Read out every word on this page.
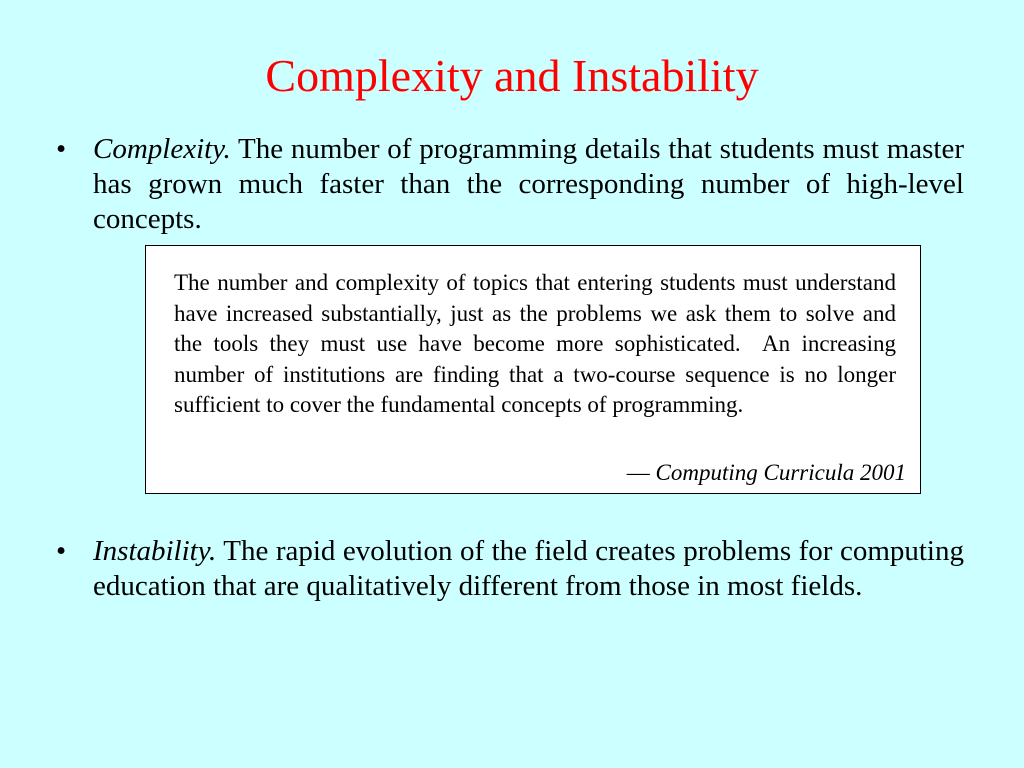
Complexity and Instability
• Complexity. The number of programming details that students must master has grown much faster than the corresponding number of high-level concepts.

The number and complexity of topics that entering students must understand have increased substantially, just as the problems we ask them to solve and the tools they must use have become more sophisticated.  An increasing number of institutions are finding that a two-course sequence is no longer sufficient to cover the fundamental concepts of programming.

— Computing Curricula 2001
• Instability. The rapid evolution of the field creates problems for computing education that are qualitatively different from those in most fields.
